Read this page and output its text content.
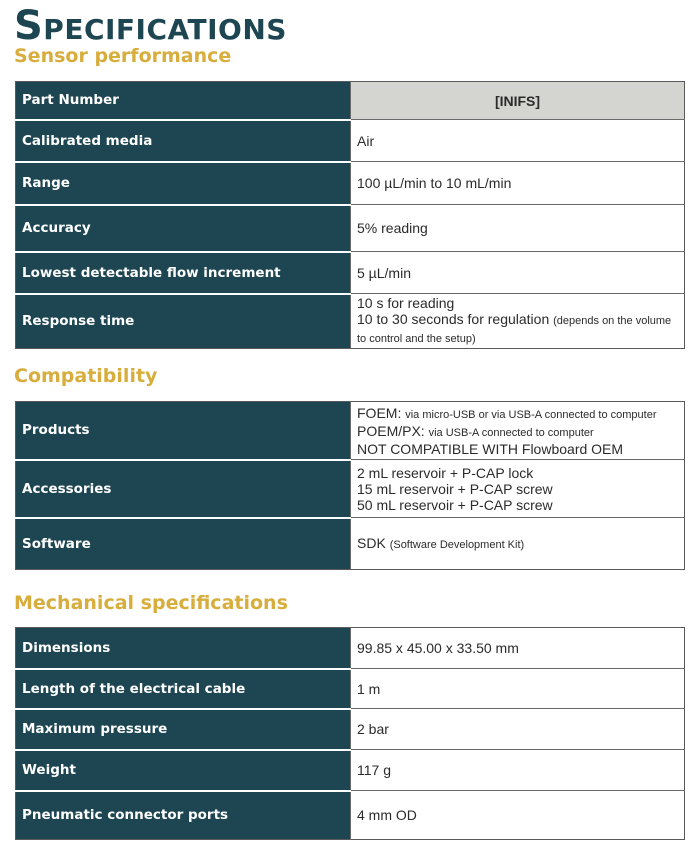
Specifications
Sensor performance
Part Number	[INIFS]
Calibrated media	Air
Range	100 µL/min to 10 mL/min
Accuracy	5% reading
Lowest detectable flow increment	5 µL/min
Response time	10 s for reading
10 to 30 seconds for regulation (depends on the volume to control and the setup)
Compatibility
Products	FOEM: via micro-USB or via USB-A connected to computer
POEM/PX: via USB-A connected to computer
NOT COMPATIBLE WITH Flowboard OEM

Accessories	2 mL reservoir + P-CAP lock
15 mL reservoir + P-CAP screw
50 mL reservoir + P-CAP screw

Software	SDK (Software Development Kit)
Mechanical specifications
Dimensions	99.85 x 45.00 x 33.50 mm
Length of the electrical cable	1 m
Maximum pressure	2 bar
Weight	117 g
Pneumatic connector ports	4 mm OD
